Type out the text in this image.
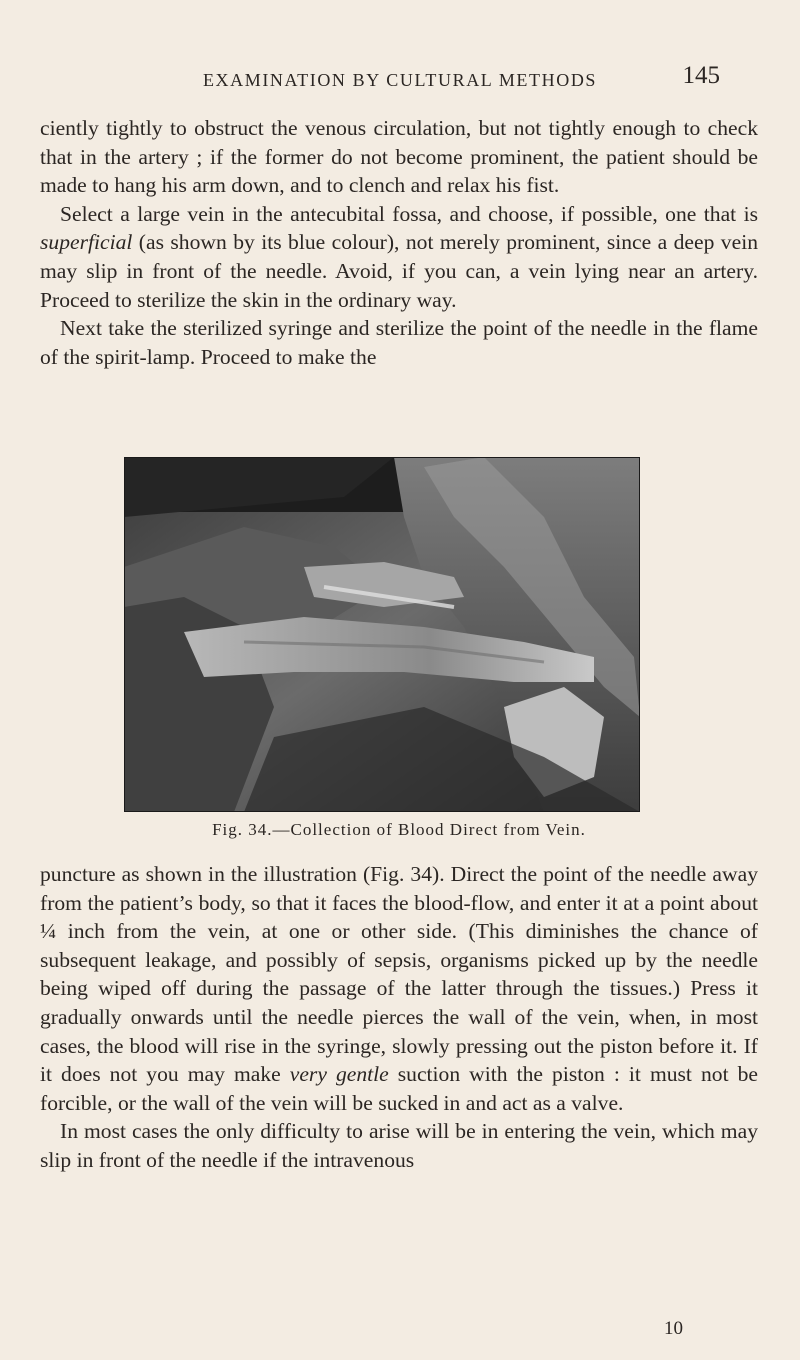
EXAMINATION BY CULTURAL METHODS	145

ciently tightly to obstruct the venous circulation, but not tightly enough to check that in the artery ; if the former do not become prominent, the patient should be made to hang his arm down, and to clench and relax his fist.

Select a large vein in the antecubital fossa, and choose, if possible, one that is superficial (as shown by its blue colour), not merely prominent, since a deep vein may slip in front of the needle. Avoid, if you can, a vein lying near an artery. Proceed to sterilize the skin in the ordinary way.

Next take the sterilized syringe and sterilize the point of the needle in the flame of the spirit-lamp. Proceed to make the

Fig. 34.—Collection of Blood Direct from Vein.

puncture as shown in the illustration (Fig. 34). Direct the point of the needle away from the patient’s body, so that it faces the blood-flow, and enter it at a point about ¼ inch from the vein, at one or other side. (This diminishes the chance of subsequent leakage, and possibly of sepsis, organisms picked up by the needle being wiped off during the passage of the latter through the tissues.) Press it gradually onwards until the needle pierces the wall of the vein, when, in most cases, the blood will rise in the syringe, slowly pressing out the piston before it. If it does not you may make very gentle suction with the piston : it must not be forcible, or the wall of the vein will be sucked in and act as a valve.

In most cases the only difficulty to arise will be in entering the vein, which may slip in front of the needle if the intravenous

10
